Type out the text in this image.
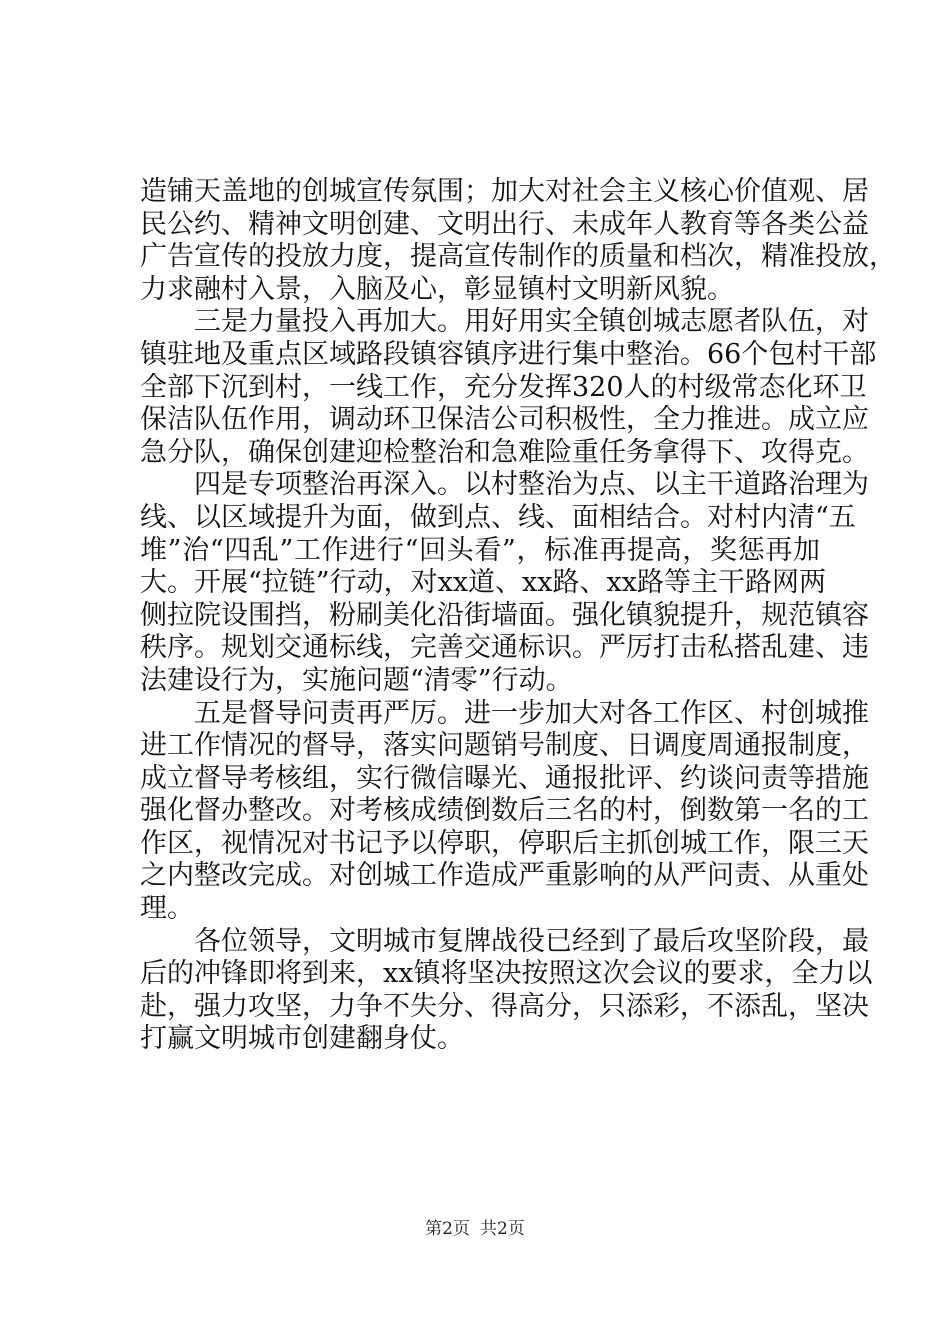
造铺天盖地的创城宣传氛围；加大对社会主义核心价值观、居
民公约、精神文明创建、文明出行、未成年人教育等各类公益
广告宣传的投放力度，提高宣传制作的质量和档次，精准投放，
力求融村入景，入脑及心，彰显镇村文明新风貌。
三是力量投入再加大。用好用实全镇创城志愿者队伍，对
镇驻地及重点区域路段镇容镇序进行集中整治。66个包村干部
全部下沉到村，一线工作，充分发挥320人的村级常态化环卫
保洁队伍作用，调动环卫保洁公司积极性，全力推进。成立应
急分队，确保创建迎检整治和急难险重任务拿得下、攻得克。
四是专项整治再深入。以村整治为点、以主干道路治理为
线、以区域提升为面，做到点、线、面相结合。对村内清“五
堆”治“四乱”工作进行“回头看”，标准再提高，奖惩再加
大。开展“拉链”行动，对xx道、xx路、xx路等主干路网两
侧拉院设围挡，粉刷美化沿街墙面。强化镇貌提升，规范镇容
秩序。规划交通标线，完善交通标识。严厉打击私搭乱建、违
法建设行为，实施问题“清零”行动。
五是督导问责再严厉。进一步加大对各工作区、村创城推
进工作情况的督导，落实问题销号制度、日调度周通报制度，
成立督导考核组，实行微信曝光、通报批评、约谈问责等措施
强化督办整改。对考核成绩倒数后三名的村，倒数第一名的工
作区，视情况对书记予以停职，停职后主抓创城工作，限三天
之内整改完成。对创城工作造成严重影响的从严问责、从重处
理。
各位领导，文明城市复牌战役已经到了最后攻坚阶段，最
后的冲锋即将到来，xx镇将坚决按照这次会议的要求，全力以
赴，强力攻坚，力争不失分、得高分，只添彩，不添乱，坚决
打赢文明城市创建翻身仗。
第2页 共2页
